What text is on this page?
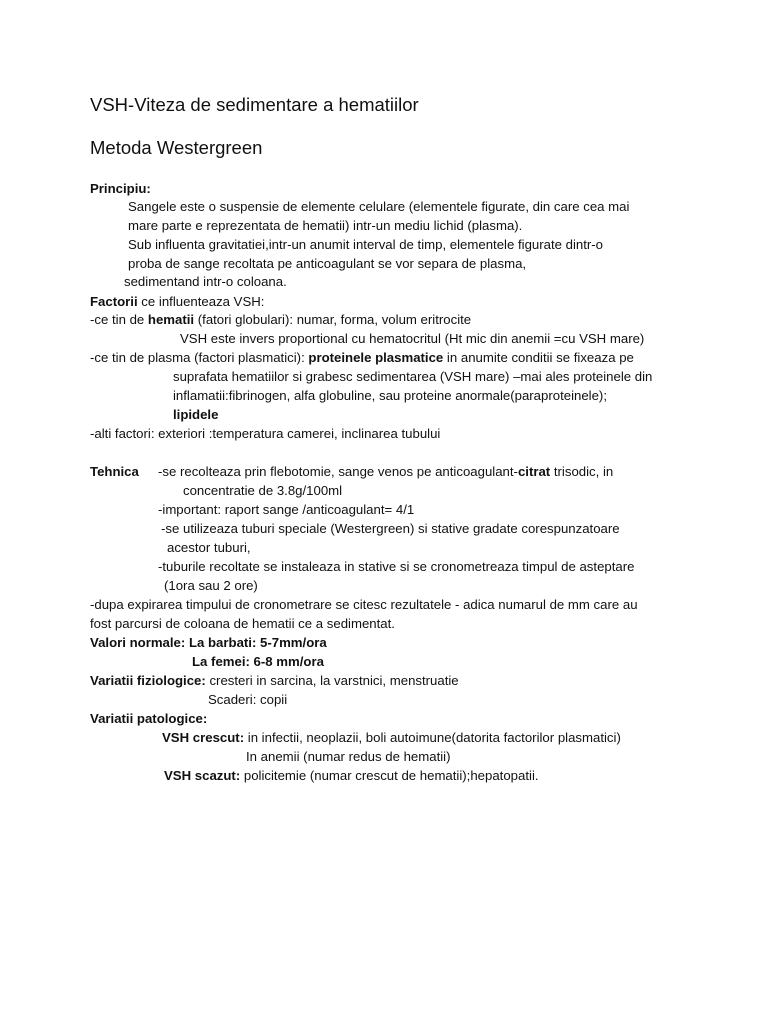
VSH-Viteza de sedimentare a hematiilor
Metoda Westergreen
Principiu:
Sangele este o suspensie de elemente celulare (elementele figurate, din care cea mai
mare parte e reprezentata de hematii) intr-un mediu lichid (plasma).
Sub influenta gravitatiei,intr-un anumit interval de timp, elementele figurate dintr-o
proba de sange recoltata pe anticoagulant se vor separa de plasma,
sedimentand intr-o coloana.
Factorii ce influenteaza VSH:
-ce tin de hematii (fatori globulari): numar, forma, volum eritrocite
VSH este invers proportional cu hematocritul (Ht mic din anemii =cu VSH mare)
-ce tin de plasma (factori plasmatici): proteinele plasmatice in anumite conditii se fixeaza pe
suprafata hematiilor si grabesc sedimentarea (VSH mare) –mai ales proteinele din
inflamatii:fibrinogen, alfa globuline, sau proteine anormale(paraproteinele);
lipidele
-alti factori: exteriori :temperatura camerei, inclinarea tubului
Tehnica -se recolteaza prin flebotomie, sange venos pe anticoagulant-citrat trisodic, in
concentratie de 3.8g/100ml
-important: raport sange /anticoagulant= 4/1
-se utilizeaza tuburi speciale (Westergreen) si stative gradate corespunzatoare
acestor tuburi,
-tuburile recoltate se instaleaza in stative si se cronometreaza timpul de asteptare
(1ora sau 2 ore)
-dupa expirarea timpului de cronometrare se citesc rezultatele - adica numarul de mm care au
fost parcursi de coloana de hematii ce a sedimentat.
Valori normale: La barbati: 5-7mm/ora
La femei: 6-8 mm/ora
Variatii fiziologice: cresteri in sarcina, la varstnici, menstruatie
Scaderi: copii
Variatii patologice:
VSH crescut: in infectii, neoplazii, boli autoimune(datorita factorilor plasmatici)
In anemii (numar redus de hematii)
VSH scazut: policitemie (numar crescut de hematii);hepatopatii.
